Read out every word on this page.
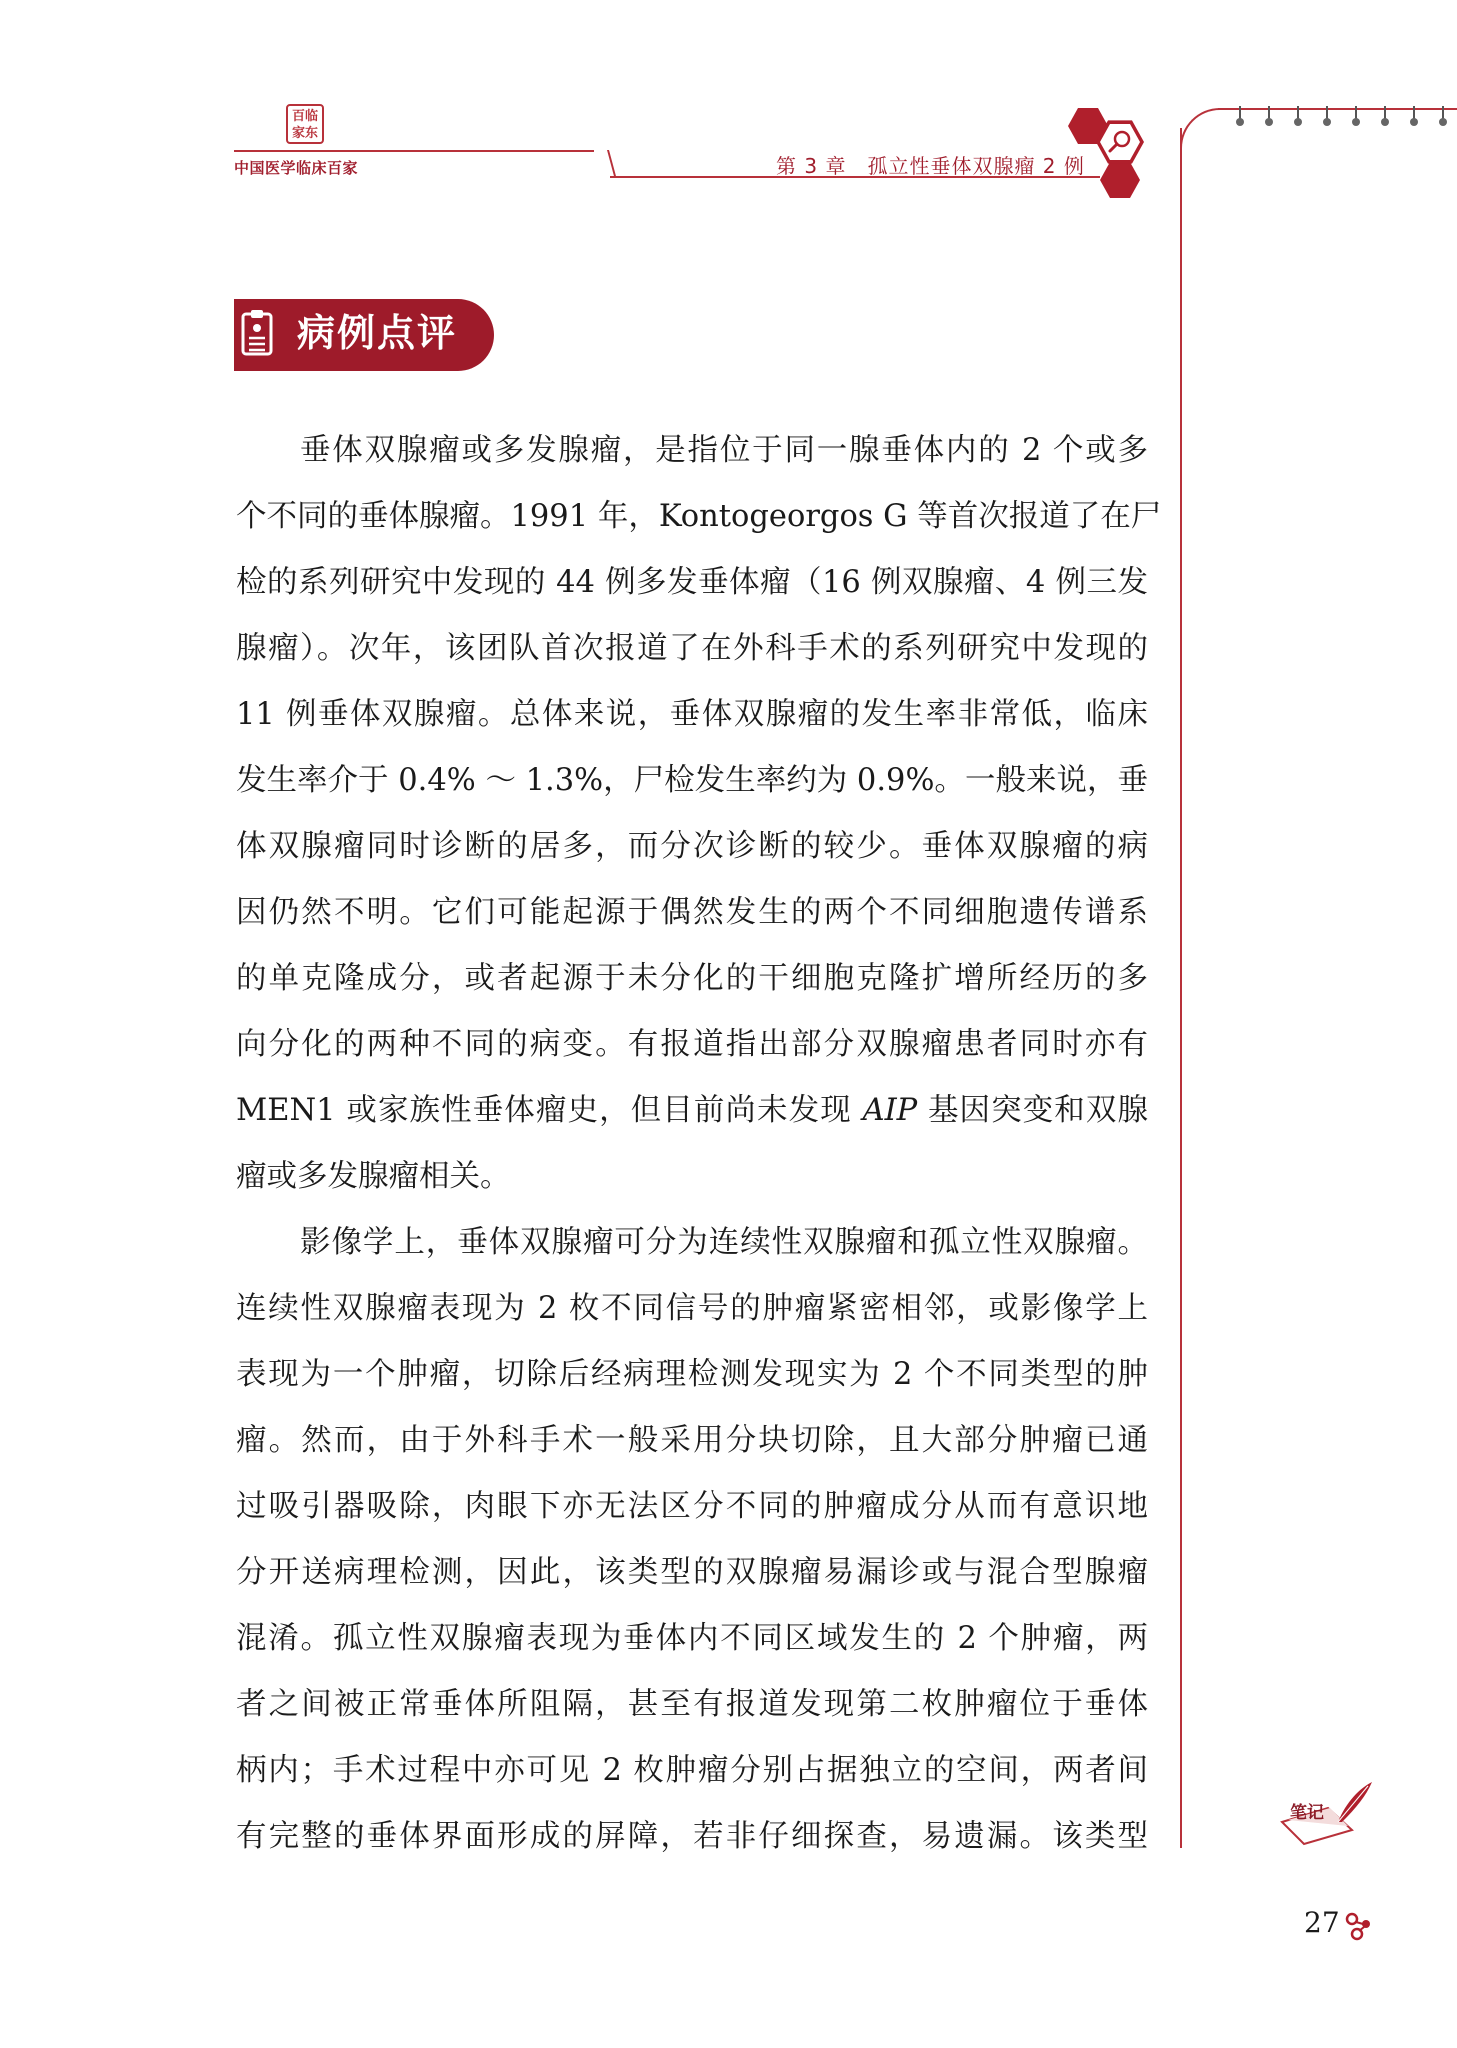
百临家东
中国医学临床百家	第 3 章　孤立性垂体双腺瘤 2 例
病例点评
垂体双腺瘤或多发腺瘤，是指位于同一腺垂体内的 2 个或多
个不同的垂体腺瘤。1991 年，Kontogeorgos G 等首次报道了在尸
检的系列研究中发现的 44 例多发垂体瘤（16 例双腺瘤、4 例三发
腺瘤）。次年，该团队首次报道了在外科手术的系列研究中发现的
11 例垂体双腺瘤。总体来说，垂体双腺瘤的发生率非常低，临床
发生率介于 0.4% ～ 1.3%，尸检发生率约为 0.9%。一般来说，垂
体双腺瘤同时诊断的居多，而分次诊断的较少。垂体双腺瘤的病
因仍然不明。它们可能起源于偶然发生的两个不同细胞遗传谱系
的单克隆成分，或者起源于未分化的干细胞克隆扩增所经历的多
向分化的两种不同的病变。有报道指出部分双腺瘤患者同时亦有
MEN1 或家族性垂体瘤史，但目前尚未发现 AIP 基因突变和双腺
瘤或多发腺瘤相关。
影像学上，垂体双腺瘤可分为连续性双腺瘤和孤立性双腺瘤。
连续性双腺瘤表现为 2 枚不同信号的肿瘤紧密相邻，或影像学上
表现为一个肿瘤，切除后经病理检测发现实为 2 个不同类型的肿
瘤。然而，由于外科手术一般采用分块切除，且大部分肿瘤已通
过吸引器吸除，肉眼下亦无法区分不同的肿瘤成分从而有意识地
分开送病理检测，因此，该类型的双腺瘤易漏诊或与混合型腺瘤
混淆。孤立性双腺瘤表现为垂体内不同区域发生的 2 个肿瘤，两
者之间被正常垂体所阻隔，甚至有报道发现第二枚肿瘤位于垂体
柄内；手术过程中亦可见 2 枚肿瘤分别占据独立的空间，两者间
有完整的垂体界面形成的屏障，若非仔细探查，易遗漏。该类型
笔记
27
